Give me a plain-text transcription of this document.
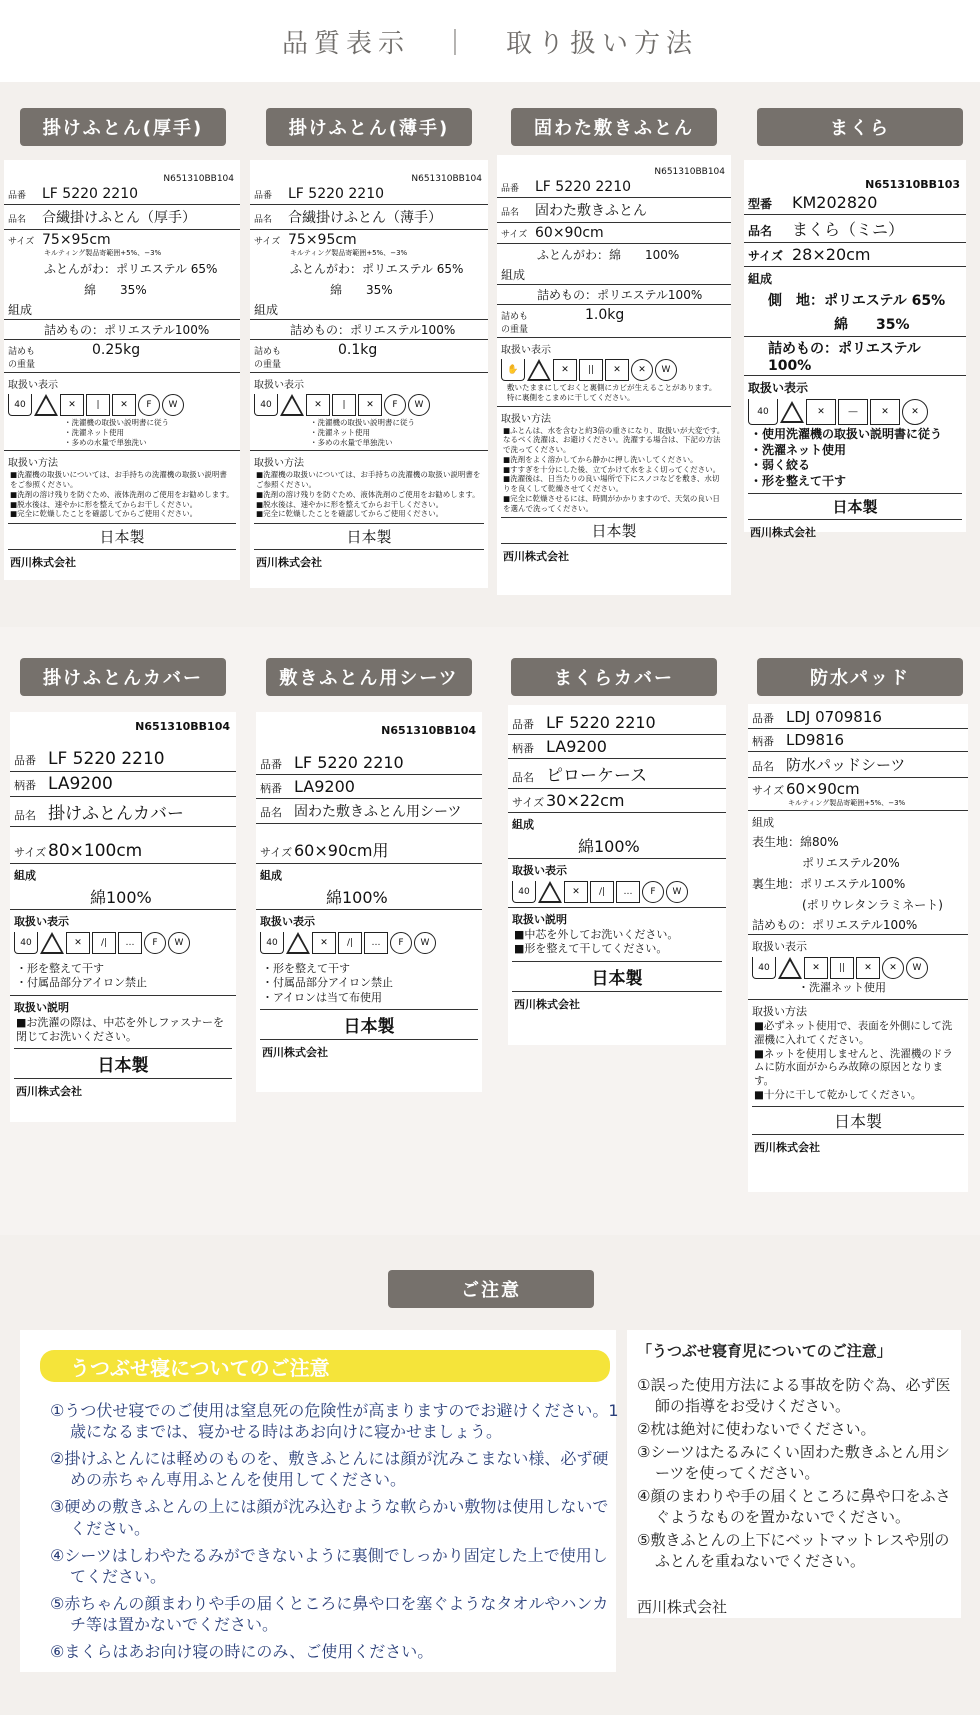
品質表示　｜　取り扱い方法
掛けふとん(厚手)	掛けふとん(薄手)	固わた敷きふとん	まくら
N651310BB104
品番	LF 5220 2210
品名	合繊掛けふとん（厚手）
サイズ 75×95cm
キルティング製品寄範囲+5%、−3%
ふとんがわ：ポリエステル 65%
綿　　35%
組成
詰めもの：ポリエステル100%
詰めもの重量
0.25kg
取扱い表示
40	✕	|	✕	F	W
・洗濯機の取扱い説明書に従う
・洗濯ネット使用
・多めの水量で単独洗い
取扱い方法
■洗濯機の取扱いについては、お手持ちの洗濯機の取扱い説明書をご参照ください。
■洗剤の溶け残りを防ぐため、液体洗剤のご使用をお勧めします。
■脱水後は、速やかに形を整えてからお干しください。
■完全に乾燥したことを確認してからご使用ください。
日本製
西川株式会社
N651310BB104
品番	LF 5220 2210
品名	合繊掛けふとん（薄手）
サイズ 75×95cm
キルティング製品寄範囲+5%、−3%
ふとんがわ：ポリエステル 65%
綿　　35%
組成
詰めもの：ポリエステル100%
詰めもの重量
0.1kg
取扱い表示
40	✕	|	✕	F	W
・洗濯機の取扱い説明書に従う
・洗濯ネット使用
・多めの水量で単独洗い
取扱い方法
■洗濯機の取扱いについては、お手持ちの洗濯機の取扱い説明書をご参照ください。
■洗剤の溶け残りを防ぐため、液体洗剤のご使用をお勧めします。
■脱水後は、速やかに形を整えてからお干しください。
■完全に乾燥したことを確認してからご使用ください。
日本製
西川株式会社
N651310BB104
品番	LF 5220 2210
品名	固わた敷きふとん
サイズ 60×90cm
ふとんがわ：綿　　100%
組成
詰めもの：ポリエステル100%
詰めもの重量
1.0kg
取扱い表示
✋	✕	||	✕	✕	W
敷いたままにしておくと裏側にカビが生えることがあります。
特に裏側をこまめに干してください。
取扱い方法
■ふとんは、水を含むと約3倍の重さになり、取扱いが大変です。なるべく洗濯は、お避けください。洗濯する場合は、下記の方法で洗ってください。
■洗剤をよく溶かしてから静かに押し洗いしてください。
■すすぎを十分にした後、立てかけて水をよく切ってください。
■洗濯後は、日当たりの良い場所で下にスノコなどを敷き、水切りを良くして乾燥させてください。
■完全に乾燥させるには、時間がかかりますので、天気の良い日を選んで洗ってください。
日本製
西川株式会社
N651310BB103
型番	KM202820
品名	まくら（ミニ）
サイズ 28×20cm
組成
側　地：ポリエステル 65%
綿　　35%
詰めもの：ポリエステル100%
取扱い表示
40	✕	―	✕	✕
・使用洗濯機の取扱い説明書に従う
・洗濯ネット使用
・弱く絞る
・形を整えて干す
日本製
西川株式会社
掛けふとんカバー	敷きふとん用シーツ	まくらカバー	防水パッド
N651310BB104
品番 LF 5220 2210
柄番 LA9200
品名 掛けふとんカバー
サイズ 80×100cm
組成
綿100%
取扱い表示
40	✕	/|	…	F	W
・形を整えて干す
・付属品部分アイロン禁止
取扱い説明
■お洗濯の際は、中芯を外しファスナーを閉じてお洗いください。
日本製
西川株式会社
N651310BB104
品番 LF 5220 2210
柄番 LA9200
品名 固わた敷きふとん用シーツ
サイズ 60×90cm用
組成
綿100%
取扱い表示
40	✕	/|	…	F	W
・形を整えて干す
・付属品部分アイロン禁止
・アイロンは当て布使用
日本製
西川株式会社
品番 LF 5220 2210
柄番 LA9200
品名 ピローケース
サイズ 30×22cm
組成
綿100%
取扱い表示
40	✕	/|	…	F	W
取扱い説明
■中芯を外してお洗いください。
■形を整えて干してください。
日本製
西川株式会社
品番 LDJ 0709816
柄番 LD9816
品名 防水パッドシーツ
サイズ 60×90cm
キルティング製品寄範囲+5%、−3%
組成
表生地：綿80%
ポリエステル20%
裏生地：ポリエステル100%
(ポリウレタンラミネート)
詰めもの：ポリエステル100%
取扱い表示
40	✕	||	✕	✕	W
・洗濯ネット使用
取扱い方法
■必ずネット使用で、表面を外側にして洗濯機に入れてください。
■ネットを使用しませんと、洗濯機のドラムに防水面がからみ故障の原因となります。
■十分に干して乾かしてください。
日本製
西川株式会社
ご注意
うつぶせ寝についてのご注意
①うつ伏せ寝でのご使用は窒息死の危険性が高まりますのでお避けください。1歳になるまでは、寝かせる時はあお向けに寝かせましょう。
②掛けふとんには軽めのものを、敷きふとんには顔が沈みこまない様、必ず硬めの赤ちゃん専用ふとんを使用してください。
③硬めの敷きふとんの上には顔が沈み込むような軟らかい敷物は使用しないでください。
④シーツはしわやたるみができないように裏側でしっかり固定した上で使用してください。
⑤赤ちゃんの顔まわりや手の届くところに鼻や口を塞ぐようなタオルやハンカチ等は置かないでください。
⑥まくらはあお向け寝の時にのみ、ご使用ください。
「うつぶせ寝育児についてのご注意」
①誤った使用方法による事故を防ぐ為、必ず医師の指導をお受けください。
②枕は絶対に使わないでください。
③シーツはたるみにくい固わた敷きふとん用シーツを使ってください。
④顔のまわりや手の届くところに鼻や口をふさぐようなものを置かないでください。
⑤敷きふとんの上下にベットマットレスや別のふとんを重ねないでください。
西川株式会社
